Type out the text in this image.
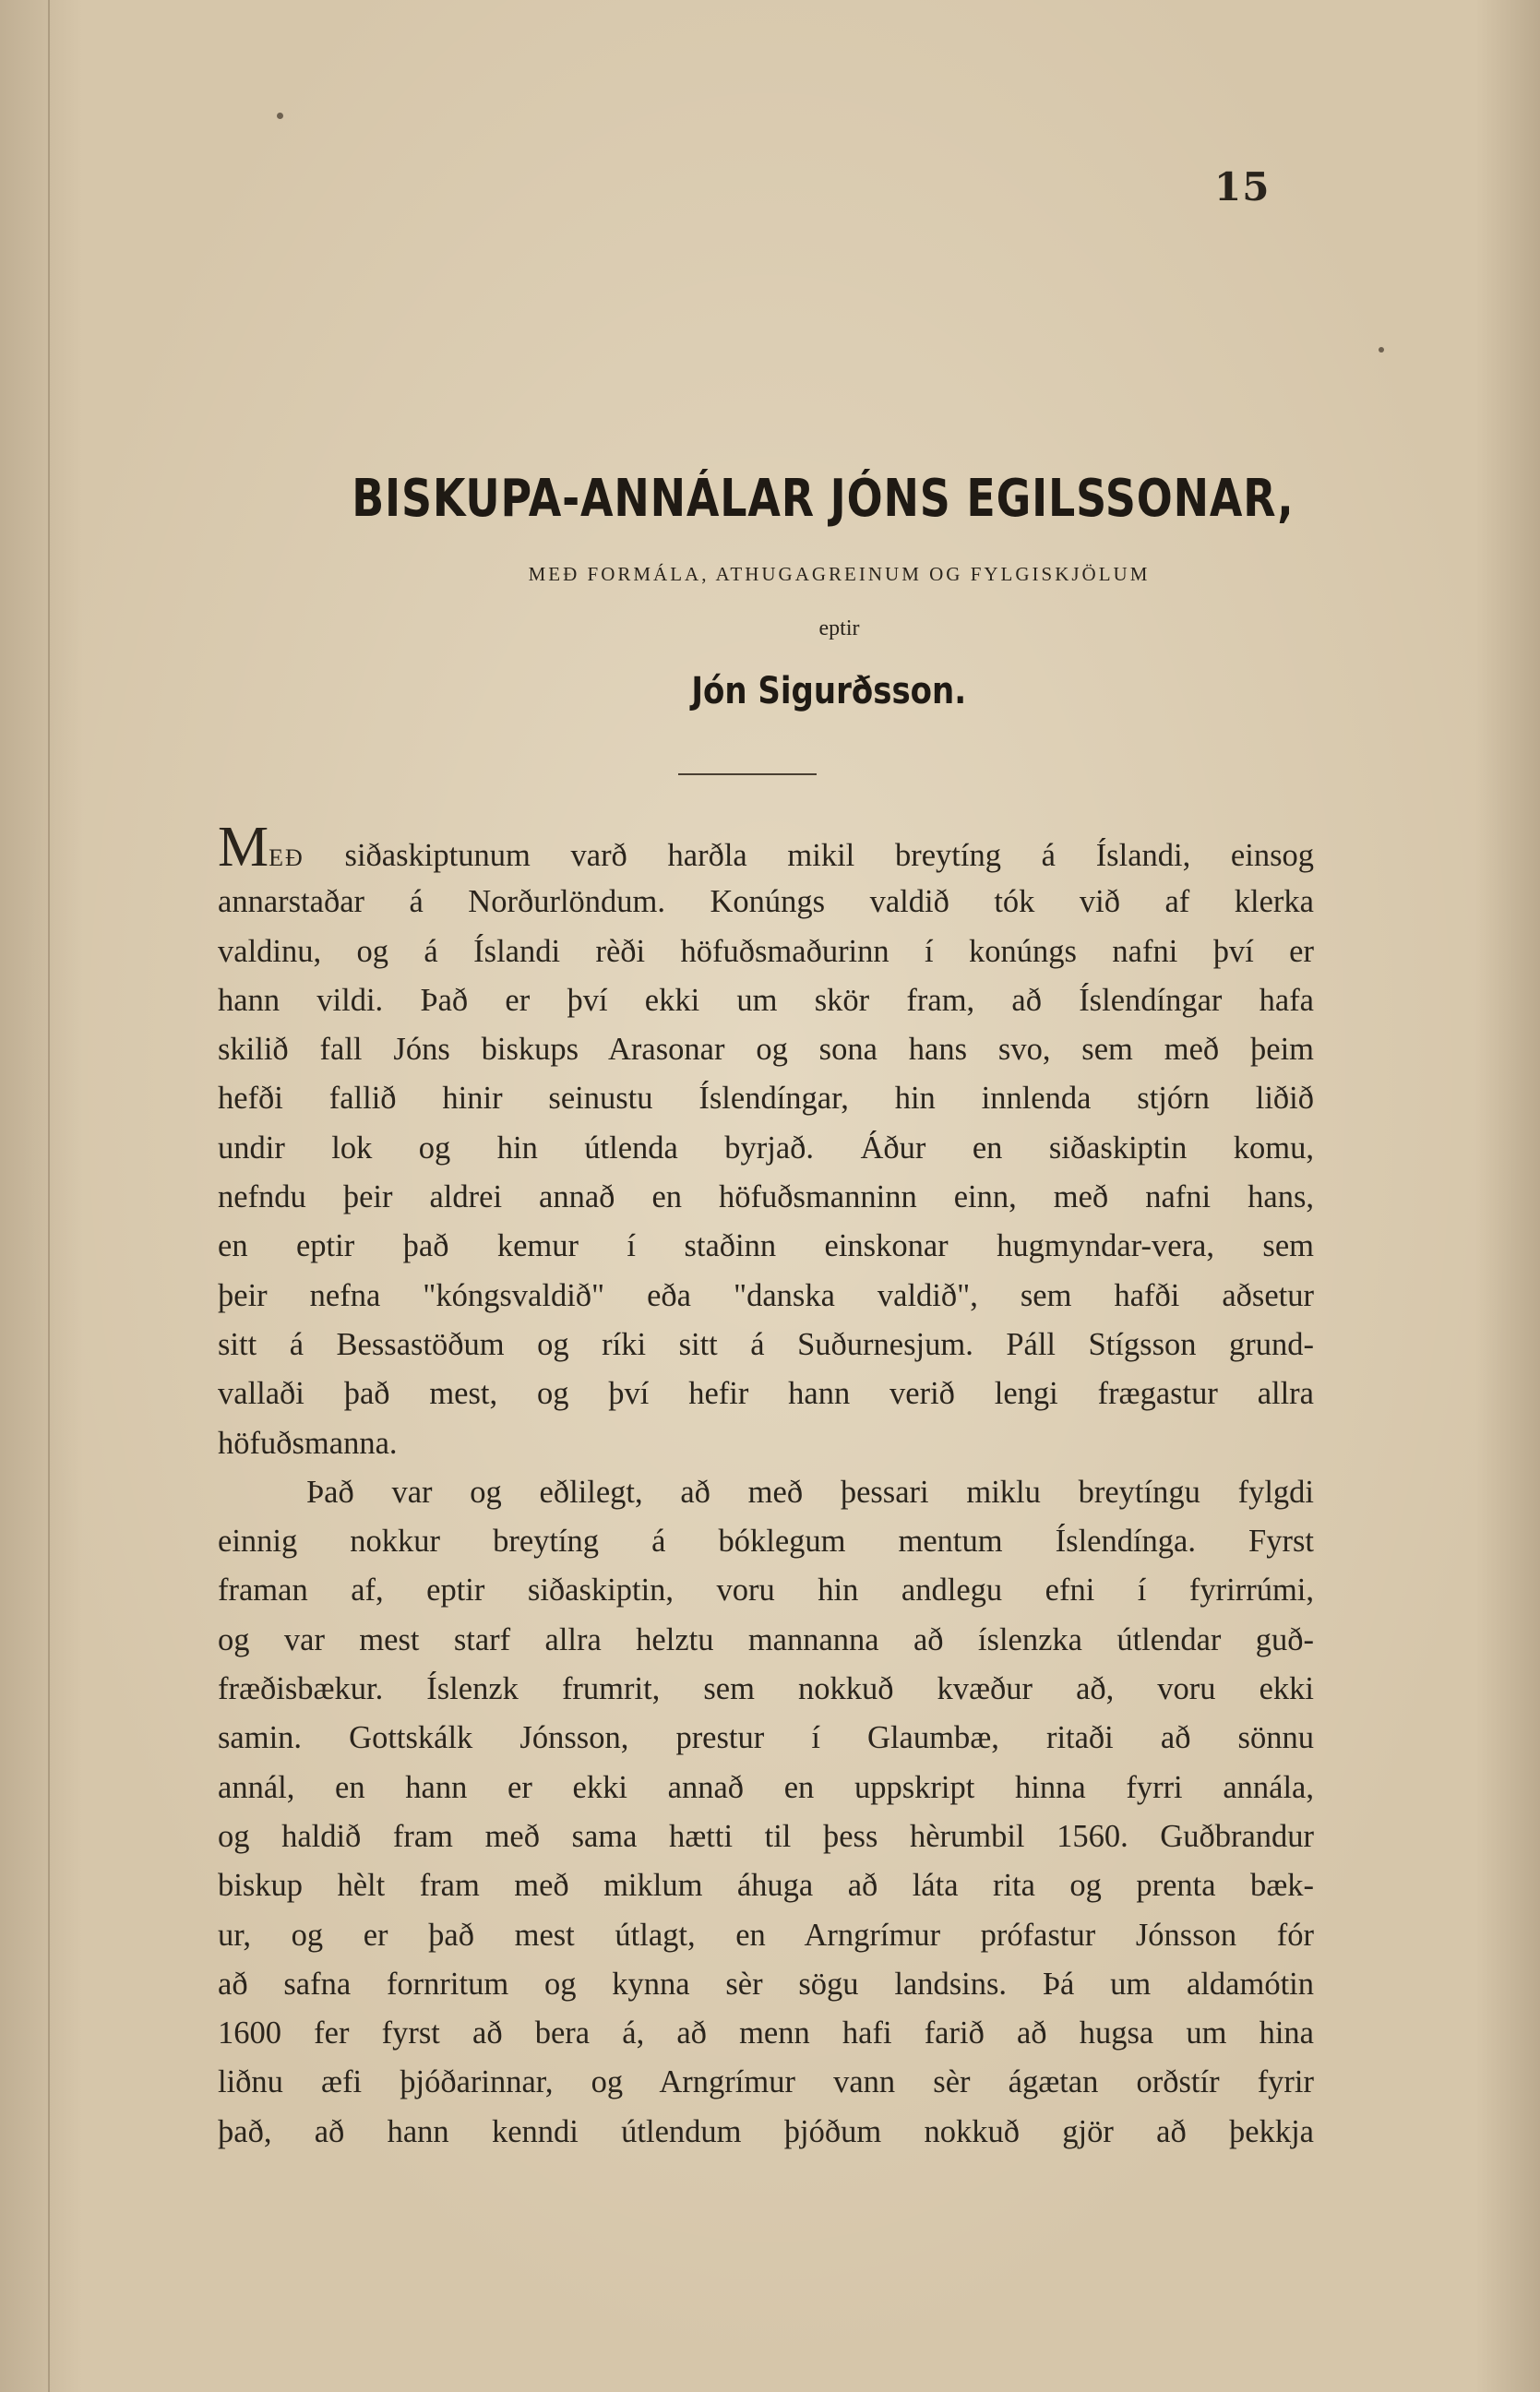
15
BISKUPA-ANNÁLAR JÓNS EGILSSONAR,
MEÐ FORMÁLA, ATHUGAGREINUM OG FYLGISKJÖLUM
eptir
Jón Sigurðsson.
MEÐ siðaskiptunum varð harðla mikil breytíng á Íslandi, einsog
annarstaðar á Norðurlöndum. Konúngs valdið tók við af klerka
valdinu, og á Íslandi rèði höfuðsmaðurinn í konúngs nafni því er
hann vildi. Það er því ekki um skör fram, að Íslendíngar hafa
skilið fall Jóns biskups Arasonar og sona hans svo, sem með þeim
hefði fallið hinir seinustu Íslendíngar, hin innlenda stjórn liðið
undir lok og hin útlenda byrjað. Áður en siðaskiptin komu,
nefndu þeir aldrei annað en höfuðsmanninn einn, með nafni hans,
en eptir það kemur í staðinn einskonar hugmyndar-vera, sem
þeir nefna "kóngsvaldið" eða "danska valdið", sem hafði aðsetur
sitt á Bessastöðum og ríki sitt á Suðurnesjum. Páll Stígsson grund-
vallaði það mest, og því hefir hann verið lengi frægastur allra
höfuðsmanna.
Það var og eðlilegt, að með þessari miklu breytíngu fylgdi
einnig nokkur breytíng á bóklegum mentum Íslendínga. Fyrst
framan af, eptir siðaskiptin, voru hin andlegu efni í fyrirrúmi,
og var mest starf allra helztu mannanna að íslenzka útlendar guð-
fræðisbækur. Íslenzk frumrit, sem nokkuð kvæður að, voru ekki
samin. Gottskálk Jónsson, prestur í Glaumbæ, ritaði að sönnu
annál, en hann er ekki annað en uppskript hinna fyrri annála,
og haldið fram með sama hætti til þess hèrumbil 1560. Guðbrandur
biskup hèlt fram með miklum áhuga að láta rita og prenta bæk-
ur, og er það mest útlagt, en Arngrímur prófastur Jónsson fór
að safna fornritum og kynna sèr sögu landsins. Þá um aldamótin
1600 fer fyrst að bera á, að menn hafi farið að hugsa um hina
liðnu æfi þjóðarinnar, og Arngrímur vann sèr ágætan orðstír fyrir
það, að hann kenndi útlendum þjóðum nokkuð gjör að þekkja
